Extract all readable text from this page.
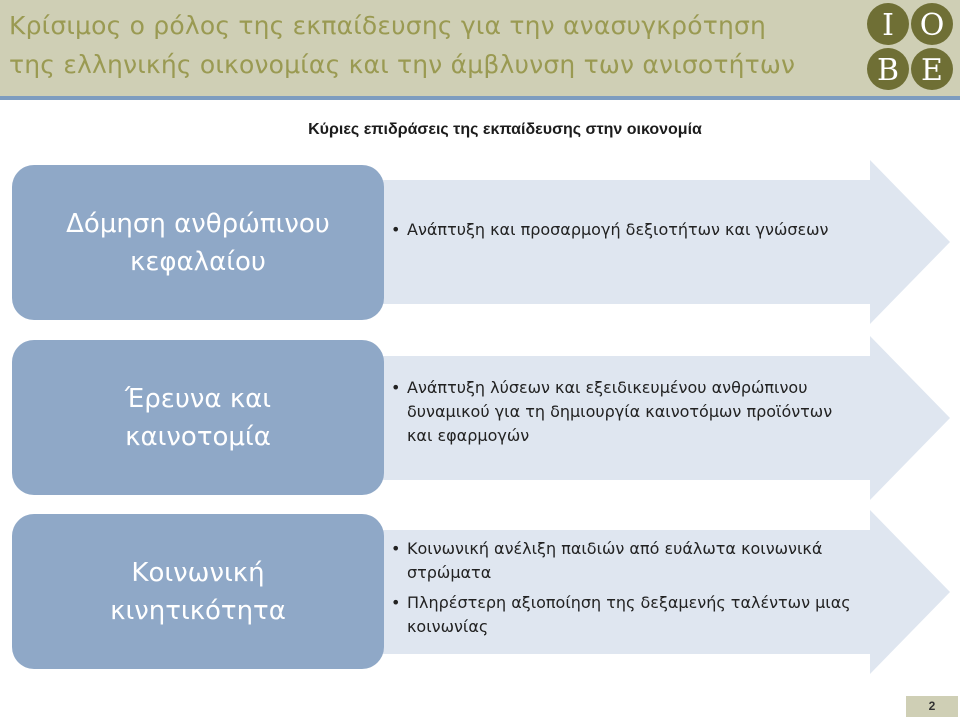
Κρίσιμος ο ρόλος της εκπαίδευσης για την ανασυγκρότηση
της ελληνικής οικονομίας και την άμβλυνση των ανισοτήτων
I O
B E
Κύριες επιδράσεις της εκπαίδευσης στην οικονομία
Δόμηση ανθρώπινου
κεφαλαίου
• Ανάπτυξη και προσαρμογή δεξιοτήτων και γνώσεων
Έρευνα και
καινοτομία
• Ανάπτυξη λύσεων και εξειδικευμένου ανθρώπινου δυναμικού για τη δημιουργία καινοτόμων προϊόντων και εφαρμογών
Κοινωνική
κινητικότητα
• Κοινωνική ανέλιξη παιδιών από ευάλωτα κοινωνικά στρώματα
• Πληρέστερη αξιοποίηση της δεξαμενής ταλέντων μιας κοινωνίας
2
